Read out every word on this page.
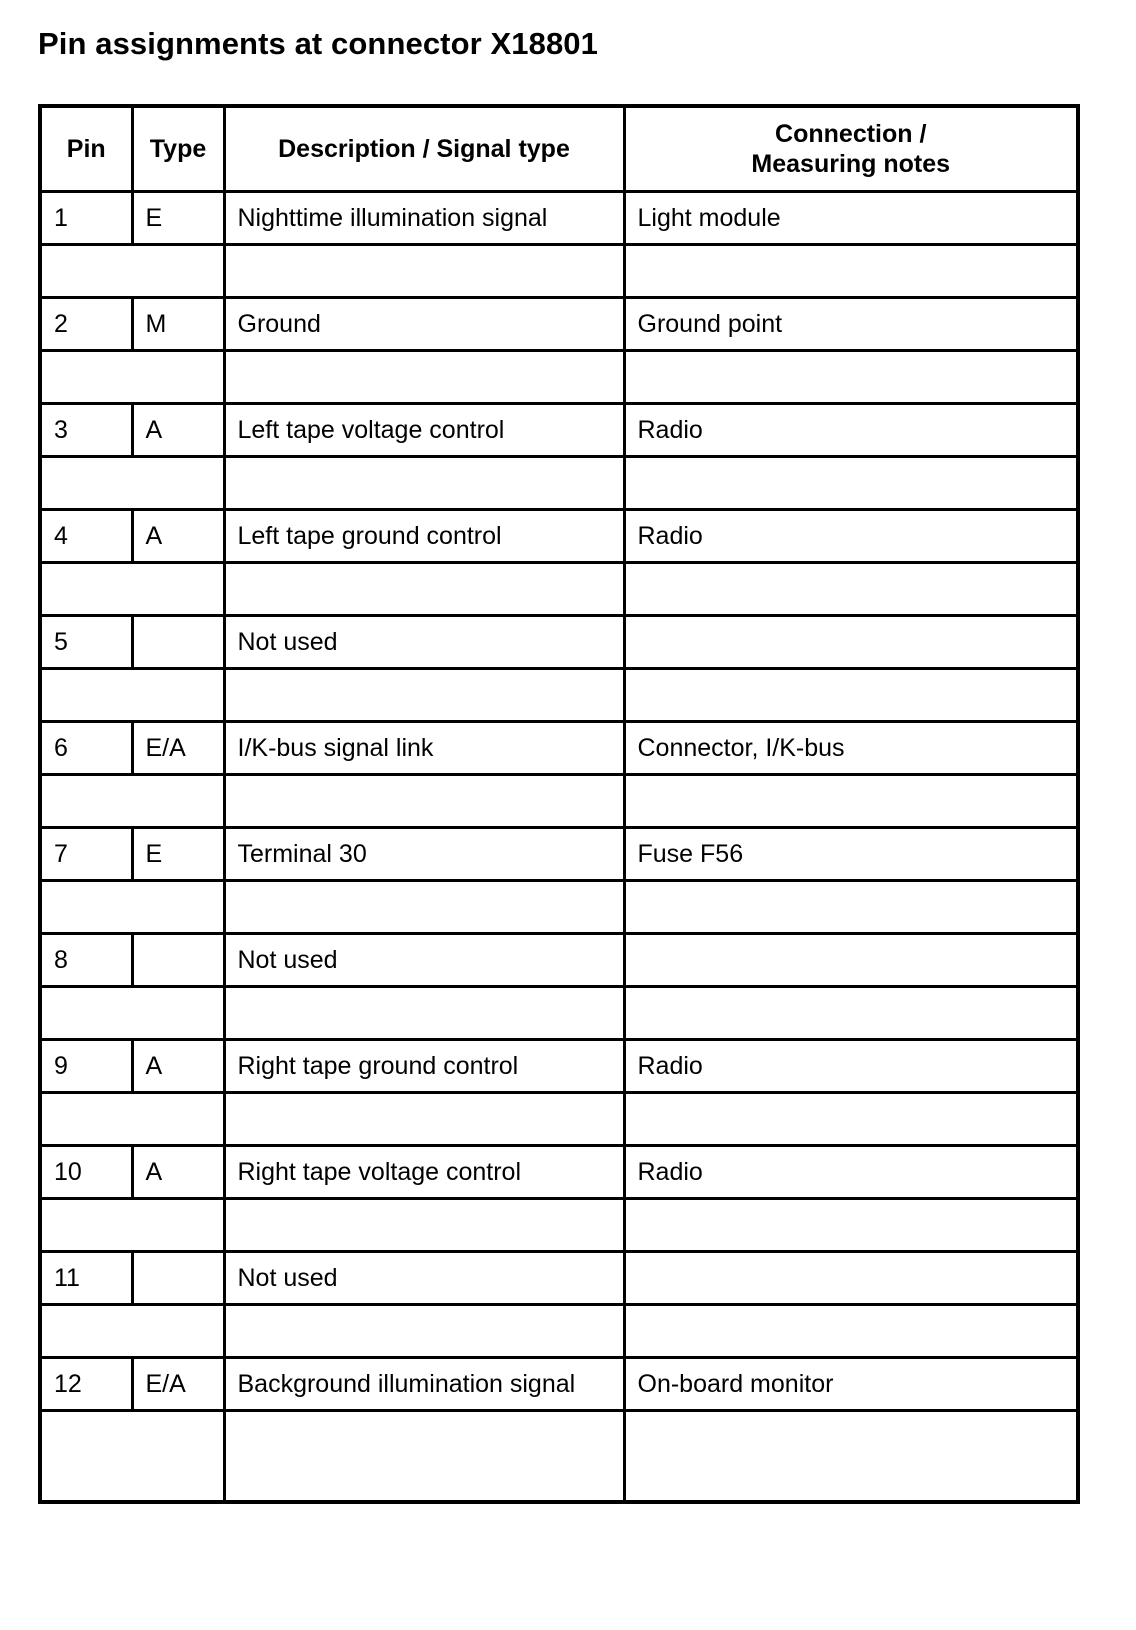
Pin assignments at connector X18801
Pin	Type	Description / Signal type	Connection /
Measuring notes
1	E	Nighttime illumination signal	Light module

2	M	Ground	Ground point

3	A	Left tape voltage control	Radio

4	A	Left tape ground control	Radio

5		Not used	

6	E/A	I/K-bus signal link	Connector, I/K-bus

7	E	Terminal 30	Fuse F56

8		Not used	

9	A	Right tape ground control	Radio

10	A	Right tape voltage control	Radio

11		Not used	

12	E/A	Background illumination signal	On-board monitor
